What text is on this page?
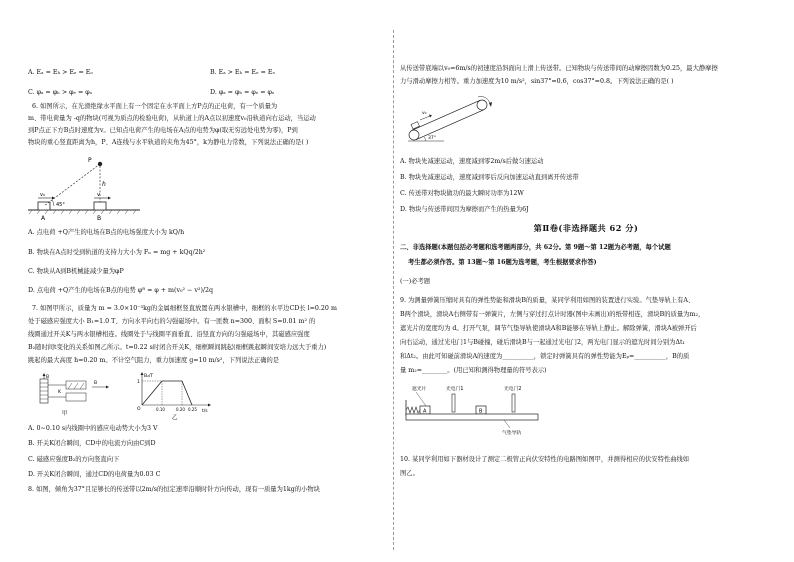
A. Eₐ = Eₕ > Eₑ = Eₒ	B. Eₐ > Eₕ = Eₑ = Eₒ
C. φₐ = φₕ > φₑ = φₒ	D. φₐ = φₕ = φₑ = φₒ
6. 如图所示，在光滑绝缘水平面上有一个固定在水平面上方P点的正电荷，有一个质量为
m、带电荷量为 -q的物块(可视为质点的检验电荷)，从轨道上的A点以初速度v₀沿轨道向右运动，当运动
到P点正下方B点时速度为v。已知点电荷产生的电场在A点的电势为φ(取无穷远处电势为零)，P到
物块的重心竖直距离为h，P、A连线与水平轨道的夹角为45°，k为静电力常数，下列说法正确的是( )
P
h
v₀	v
A	B
45°
A. 点电荷 +Q产生的电场在B点的电场强度大小为 kQ/h
B. 物块在A点时受到轨道的支持力大小为 Fₙ = mg + kQq/2h²
C. 物块从A到B机械能减少量为φP
D. 点电荷 +Q产生的电场在B点的电势 φᴮ = φ + m(v₀² − v²)/2q
7. 如图甲所示，质量为 m = 3.0×10⁻³kg的金属细框竖直放置在两水银槽中，细框的水平边CD长 l=0.20 m
处于磁感应强度大小 B₁=1.0 T、方向水平向右的匀强磁场中。有一匝数 n=300、面积 S=0.01 m² 的
线圈通过开关K与两水银槽相连。线圈处于与线圈平面垂直、沿竖直方向的匀强磁场中，其磁感应强度
B₂随时间t变化的关系如图乙所示。t=0.22 s时闭合开关K，细框瞬间跳起(细框跳起瞬间安培力远大于重力)
跳起的最大高度 h=0.20 m。不计空气阻力，重力加速度 g=10 m/s²，下列说法正确的是
B
K
B
甲
B₂/T
t/s
1
O	0.10	0.20 0.25
乙
A. 0~0.10 s内线圈中的感应电动势大小为3 V
B. 开关K闭合瞬间，CD中的电流方向由C到D
C. 磁感应强度B₂的方向竖直向下
D. 开关K闭合瞬间，通过CD的电荷量为0.03 C
8. 如图，倾角为37°且足够长的传送带以2m/s的恒定速率沿顺时针方向传动，现有一质量为1kg的小物块
从传送带底端以v₀=6m/s的初速度沿斜面向上滑上传送带。已知物块与传送带间的动摩擦因数为0.25，最大静摩擦
力与滑动摩擦力相等。重力加速度为10 m/s²，sin37°=0.6，cos37°=0.8。下列说法正确的是( )
v₀
37°
A. 物块先减速运动，速度减到零2m/s后做匀速运动
B. 物块先减速运动，速度减到零后反向加速运动直到离开传送带
C. 传送带对物块做功的最大瞬时功率为12W
D. 物块与传送带间因为摩擦而产生的热量为6J
第Ⅱ卷(非选择题共 62 分)
二、非选择题(本题包括必考题和选考题两部分，共 62分。第 9题～第 12题为必考题，每个试题
考生都必须作答。第 13题～第 16题为选考题，考生根据要求作答)
(一)必考题
9. 为测量弹簧压缩时具有的弹性势能和滑块B的质量，某同学利用如图的装置进行实验。气垫导轨上有A、
B两个滑块，滑块A右侧带有一弹簧片，左侧与穿过打点计时器(图中未画出)的纸带相连，滑块B的质量为m₂，
遮光片的宽度均为 d。打开气泵，调节气垫导轨使滑块A和B能够在导轨上静止。解除弹簧，滑块A被弹开后
向右运动，通过光电门1与B碰撞，碰后滑块B与一起通过光电门2，两光电门显示的遮光时间分别为Δt₁
和Δt₂。由此可知碰前滑块A的速度为__________，锁定时弹簧具有的弹性势能为Eₚ=__________，B的质
量 m₂=________。(用已知和测得物理量的符号表示)
遮光片	光电门1	光电门2
A	B
气垫导轨
10. 某同学利用如下器材设计了测定二极管正向伏安特性的电路图如图甲，并测得相应的伏安特性曲线如
图乙。
